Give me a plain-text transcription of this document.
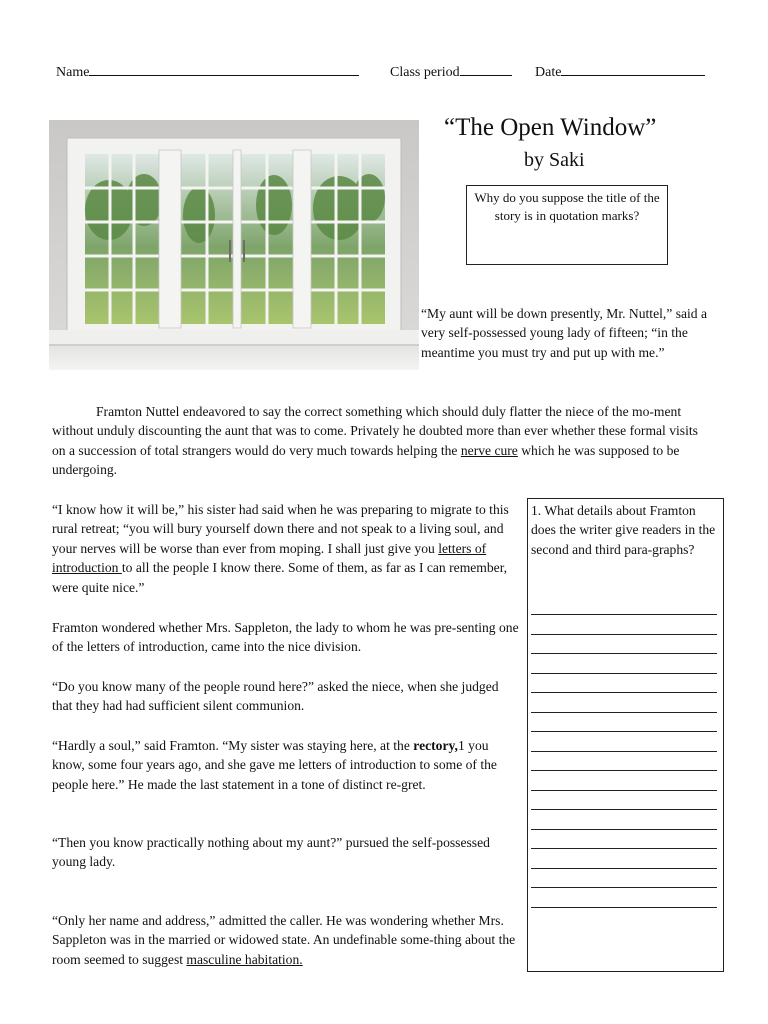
Name	Class period	Date
“The Open Window”
by Saki
Why do you suppose the title of the story is in quotation marks?

“My aunt will be down presently, Mr. Nuttel,” said a very self-possessed young lady of fifteen; “in the meantime you must try and put up with me.”

Framton Nuttel endeavored to say the correct something which should duly flatter the niece of the mo-ment without unduly discounting the aunt that was to come. Privately he doubted more than ever whether these formal visits on a succession of total strangers would do very much towards helping the nerve cure which he was supposed to be undergoing.

“I know how it will be,” his sister had said when he was preparing to migrate to this rural retreat; “you will bury yourself down there and not speak to a living soul, and your nerves will be worse than ever from moping. I shall just give you letters of introduction to all the people I know there. Some of them, as far as I can remember, were quite nice.”

Framton wondered whether Mrs. Sappleton, the lady to whom he was pre-senting one of the letters of introduction, came into the nice division.

“Do you know many of the people round here?” asked the niece, when she judged that they had had sufficient silent communion.

“Hardly a soul,” said Framton. “My sister was staying here, at the rectory,1 you know, some four years ago, and she gave me letters of introduction to some of the people here.” He made the last statement in a tone of distinct re-gret.

“Then you know practically nothing about my aunt?” pursued the self-possessed young lady.

“Only her name and address,” admitted the caller. He was wondering whether Mrs. Sappleton was in the married or widowed state. An undefinable some-thing about the room seemed to suggest masculine habitation.

1. What details about Framton does the writer give readers in the second and third para-graphs?
